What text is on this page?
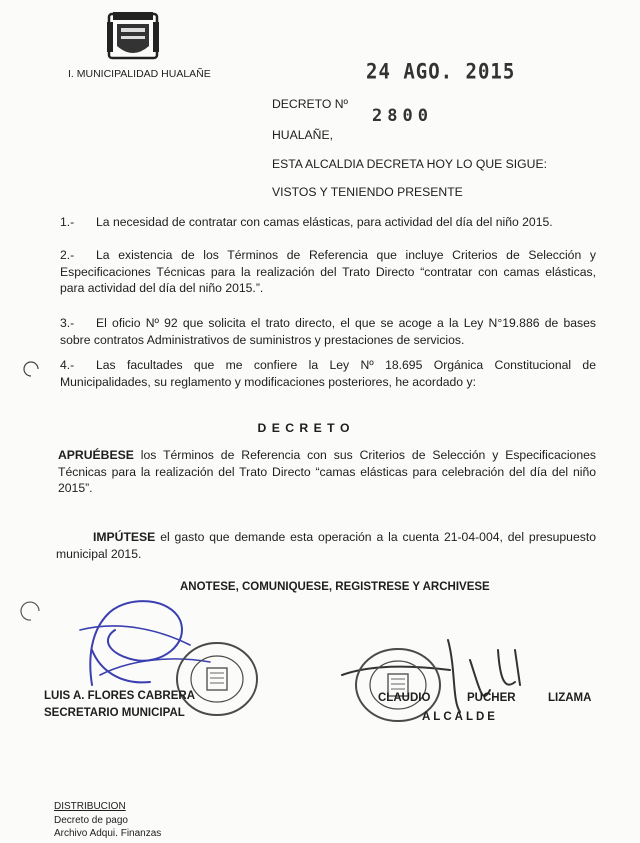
I. MUNICIPALIDAD HUALAÑE	24 AGO. 2015
DECRETO Nº
2800
HUALAÑE,
ESTA ALCALDIA DECRETA HOY LO QUE SIGUE:
VISTOS Y TENIENDO PRESENTE
1.- La necesidad de contratar con camas elásticas, para actividad del día del niño 2015.
2.-	La existencia de los Términos de Referencia que incluye Criterios de Selección y Especificaciones Técnicas para la realización del Trato Directo “contratar con camas elásticas, para actividad del día del niño 2015.”.
3.-	El oficio Nº 92 que solicita el trato directo, el que se acoge a la Ley N°19.886 de bases sobre contratos Administrativos de suministros y prestaciones de servicios.
4.-	Las facultades que me confiere la Ley Nº 18.695 Orgánica Constitucional de Municipalidades, su reglamento y modificaciones posteriores, he acordado y:
D E C R E T O
APRUÉBESE los Términos de Referencia con sus Criterios de Selección y Especificaciones Técnicas para la realización del Trato Directo “camas elásticas para celebración del día del niño 2015”.
IMPÚTESE el gasto que demande esta operación a la cuenta 21-04-004, del presupuesto municipal 2015.
ANOTESE, COMUNIQUESE, REGISTRESE Y ARCHIVESE
LUIS A. FLORES CABRERA
SECRETARIO MUNICIPAL
CLAUDIO	PUCHER	LIZAMA
ALCALDE
DISTRIBUCION
Decreto de pago
Archivo Adqui. Finanzas
